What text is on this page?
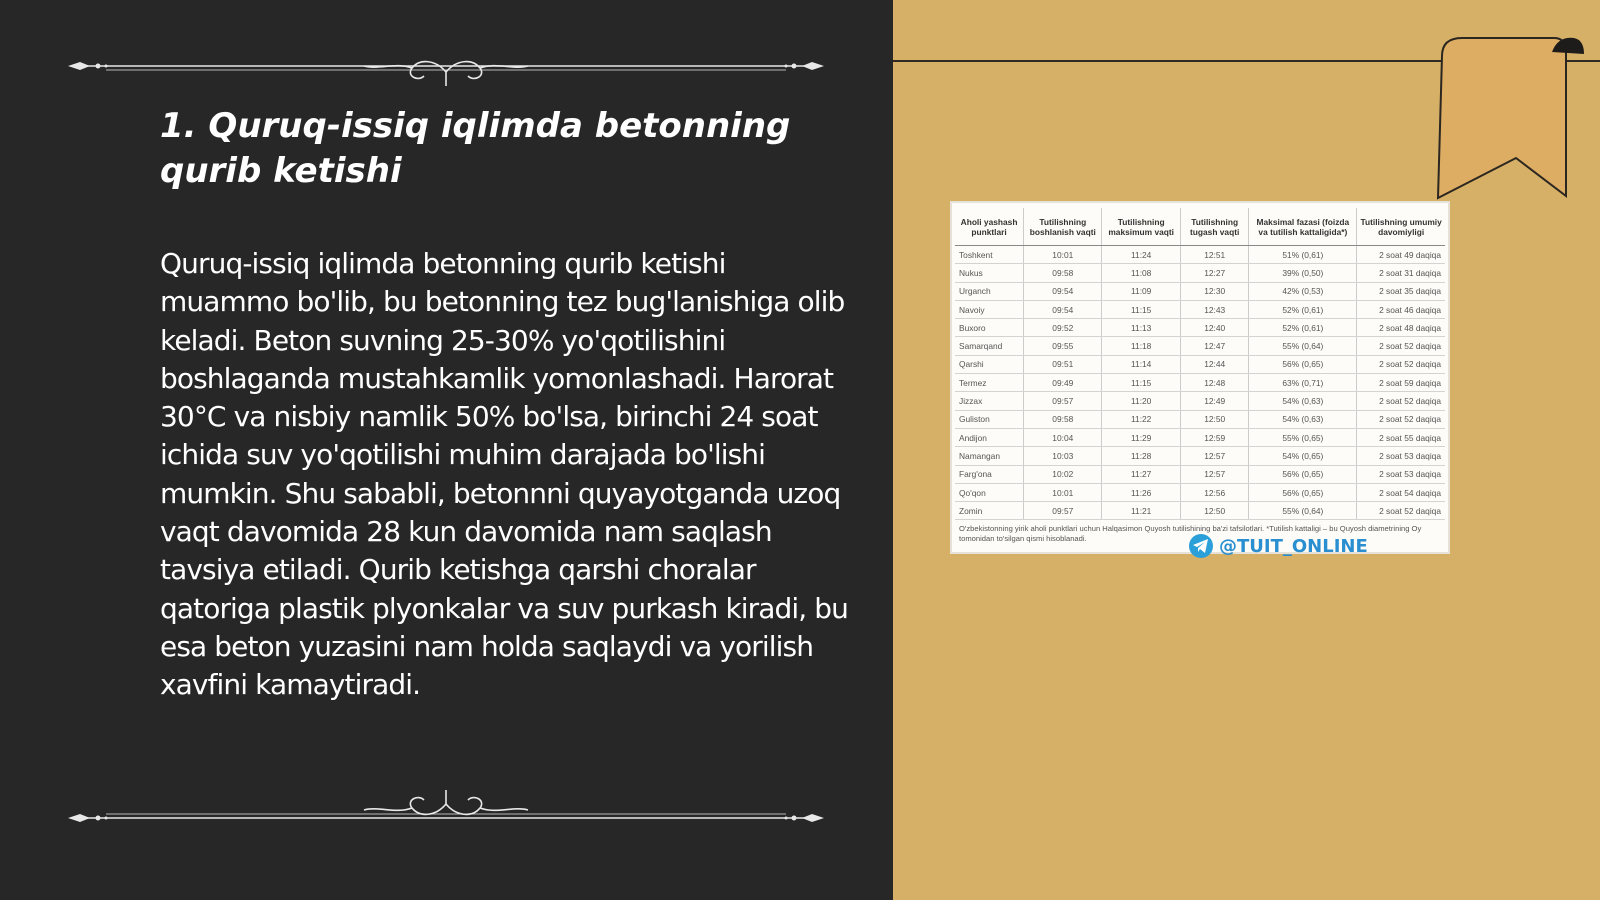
1. Quruq-issiq iqlimda betonning qurib ketishi

Quruq-issiq iqlimda betonning qurib ketishi muammo bo'lib, bu betonning tez bug'lanishiga olib keladi. Beton suvning 25-30% yo'qotilishini boshlaganda mustahkamlik yomonlashadi. Harorat 30°C va nisbiy namlik 50% bo'lsa, birinchi 24 soat ichida suv yo'qotilishi muhim darajada bo'lishi mumkin. Shu sababli, betonnni quyayotganda uzoq vaqt davomida 28 kun davomida nam saqlash tavsiya etiladi. Qurib ketishga qarshi choralar qatoriga plastik plyonkalar va suv purkash kiradi, bu esa beton yuzasini nam holda saqlaydi va yorilish xavfini kamaytiradi.

Aholi yashash punktlari	Tutilishning boshlanish vaqti	Tutilishning maksimum vaqti	Tutilishning tugash vaqti	Maksimal fazasi (foizda va tutilish kattaligida*)	Tutilishning umumiy davomiyligi
Toshkent	10:01	11:24	12:51	51% (0,61)	2 soat 49 daqiqa
Nukus	09:58	11:08	12:27	39% (0,50)	2 soat 31 daqiqa
Urganch	09:54	11:09	12:30	42% (0,53)	2 soat 35 daqiqa
Navoiy	09:54	11:15	12:43	52% (0,61)	2 soat 46 daqiqa
Buxoro	09:52	11:13	12:40	52% (0,61)	2 soat 48 daqiqa
Samarqand	09:55	11:18	12:47	55% (0,64)	2 soat 52 daqiqa
Qarshi	09:51	11:14	12:44	56% (0,65)	2 soat 52 daqiqa
Termez	09:49	11:15	12:48	63% (0,71)	2 soat 59 daqiqa
Jizzax	09:57	11:20	12:49	54% (0,63)	2 soat 52 daqiqa
Guliston	09:58	11:22	12:50	54% (0,63)	2 soat 52 daqiqa
Andijon	10:04	11:29	12:59	55% (0,65)	2 soat 55 daqiqa
Namangan	10:03	11:28	12:57	54% (0,65)	2 soat 53 daqiqa
Farg'ona	10:02	11:27	12:57	56% (0,65)	2 soat 53 daqiqa
Qo'qon	10:01	11:26	12:56	56% (0,65)	2 soat 54 daqiqa
Zomin	09:57	11:21	12:50	55% (0,64)	2 soat 52 daqiqa

O'zbekistonning yirik aholi punktlari uchun Halqasimon Quyosh tutilishining ba'zi tafsilotlari. *Tutilish kattaligi – bu Quyosh diametrining Oy tomonidan to'silgan qismi hisoblanadi.	@TUIT_ONLINE
